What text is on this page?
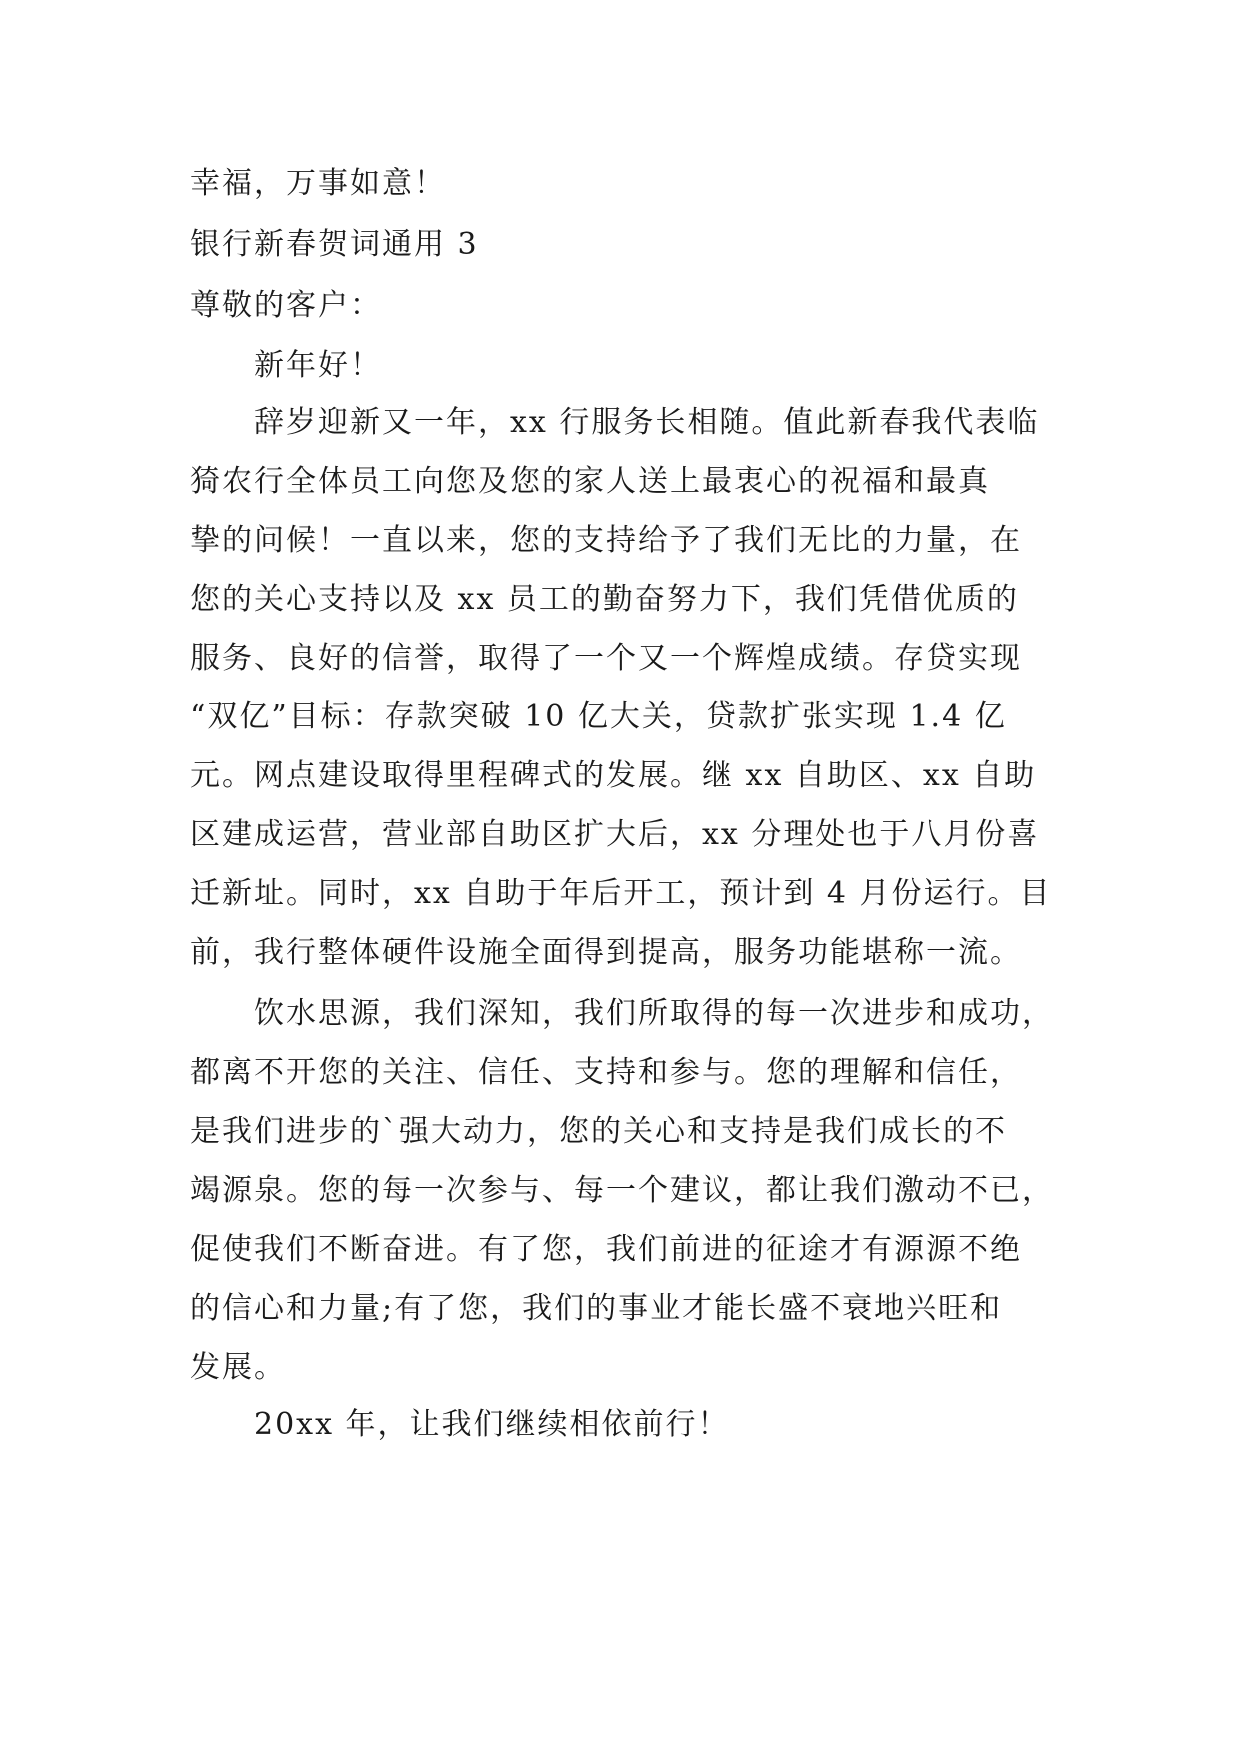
幸福，万事如意！
银行新春贺词通用 3
尊敬的客户：
新年好！
辞岁迎新又一年，xx 行服务长相随。值此新春我代表临
猗农行全体员工向您及您的家人送上最衷心的祝福和最真
挚的问候！一直以来，您的支持给予了我们无比的力量，在
您的关心支持以及 xx 员工的勤奋努力下，我们凭借优质的
服务、良好的信誉，取得了一个又一个辉煌成绩。存贷实现
“双亿”目标：存款突破 10 亿大关，贷款扩张实现 1.4 亿
元。网点建设取得里程碑式的发展。继 xx 自助区、xx 自助
区建成运营，营业部自助区扩大后，xx 分理处也于八月份喜
迁新址。同时，xx 自助于年后开工，预计到 4 月份运行。目
前，我行整体硬件设施全面得到提高，服务功能堪称一流。
饮水思源，我们深知，我们所取得的每一次进步和成功，
都离不开您的关注、信任、支持和参与。您的理解和信任，
是我们进步的`强大动力，您的关心和支持是我们成长的不
竭源泉。您的每一次参与、每一个建议，都让我们激动不已，
促使我们不断奋进。有了您，我们前进的征途才有源源不绝
的信心和力量;有了您，我们的事业才能长盛不衰地兴旺和
发展。
20xx 年，让我们继续相依前行！
